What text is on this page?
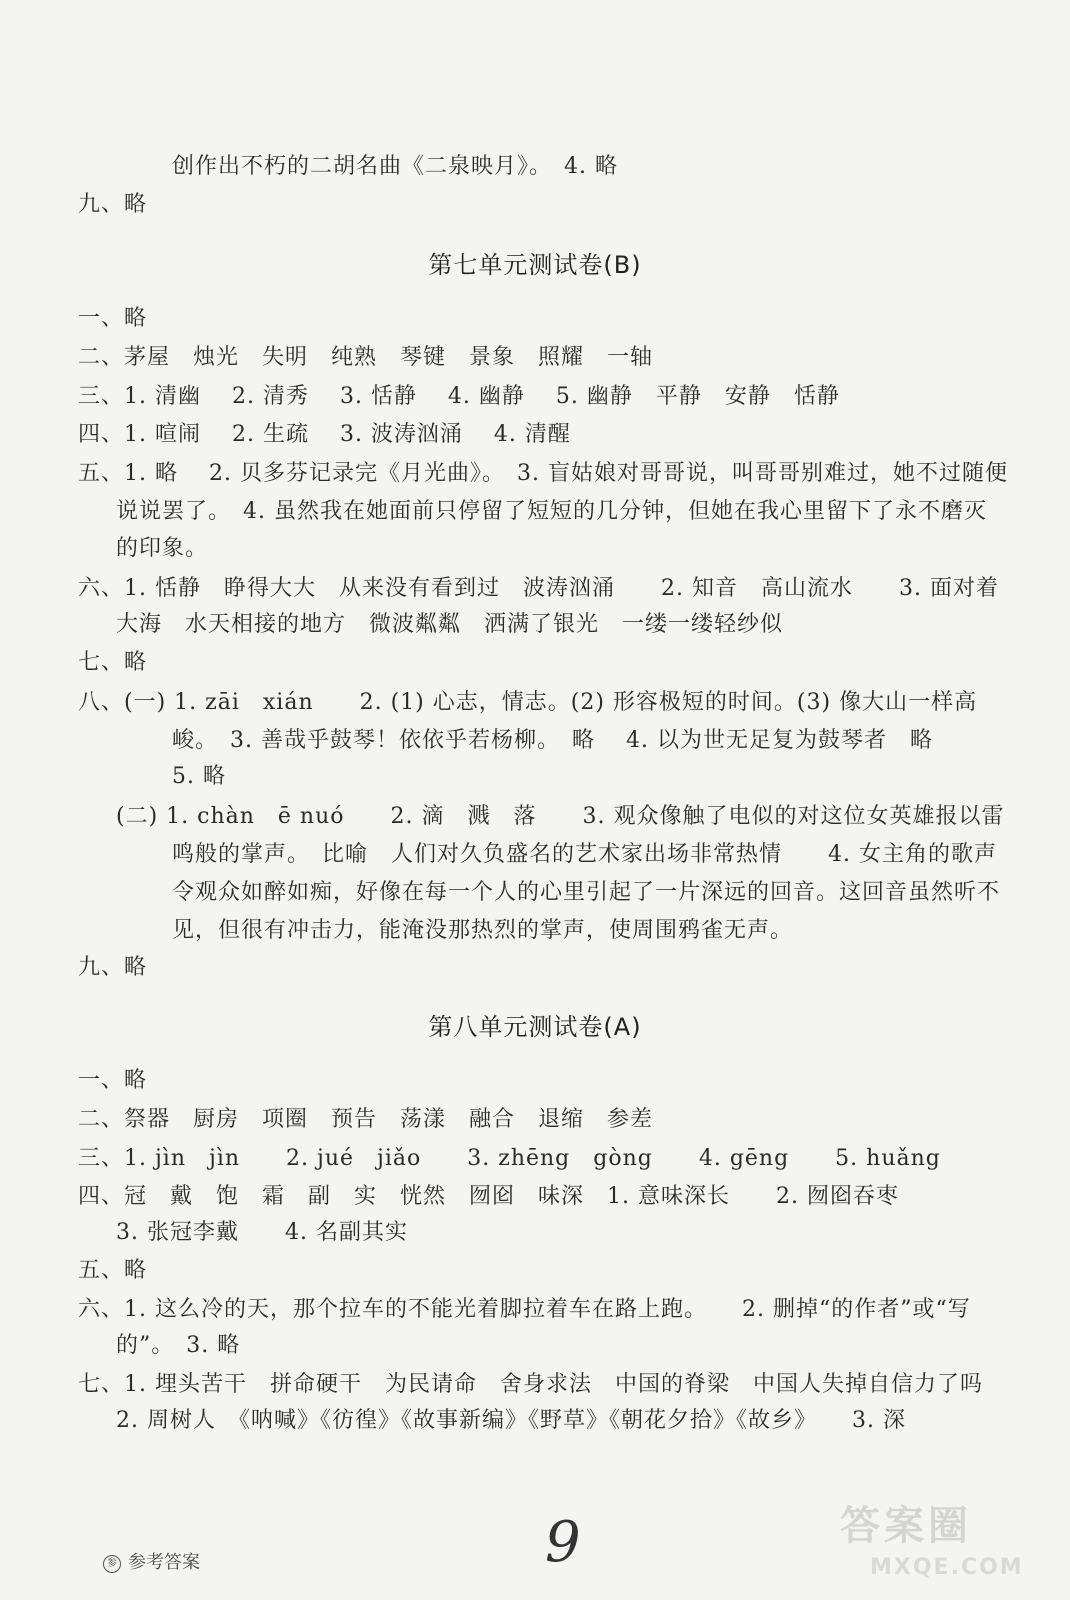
创作出不朽的二胡名曲《二泉映月》。　4. 略
九、略
第七单元测试卷(B)
一、略
二、茅屋　烛光　失明　纯熟　琴键　景象　照耀　一轴
三、1. 清幽　 2. 清秀　 3. 恬静　 4. 幽静　 5. 幽静　平静　安静　恬静
四、1. 喧闹　 2. 生疏　 3. 波涛汹涌　 4. 清醒
五、1. 略　 2. 贝多芬记录完《月光曲》。　3. 盲姑娘对哥哥说，叫哥哥别难过，她不过随便
说说罢了。　4. 虽然我在她面前只停留了短短的几分钟，但她在我心里留下了永不磨灭
的印象。
六、1. 恬静　睁得大大　从来没有看到过　波涛汹涌　　2. 知音　高山流水　　3. 面对着
大海　水天相接的地方　微波粼粼　洒满了银光　一缕一缕轻纱似
七、略
八、(一) 1. zāi　xián　　2. (1) 心志，情志。(2) 形容极短的时间。(3) 像大山一样高
峻。　3. 善哉乎鼓琴！依依乎若杨柳。　略　 4. 以为世无足复为鼓琴者　略
5. 略
(二) 1. chàn　ē nuó　　2. 滴　溅　落　　3. 观众像触了电似的对这位女英雄报以雷
鸣般的掌声。　比喻　人们对久负盛名的艺术家出场非常热情　　4. 女主角的歌声
令观众如醉如痴，好像在每一个人的心里引起了一片深远的回音。这回音虽然听不
见，但很有冲击力，能淹没那热烈的掌声，使周围鸦雀无声。
九、略
第八单元测试卷(A)
一、略
二、祭器　厨房　项圈　预告　荡漾　融合　退缩　参差
三、1. jìn　jìn　　2. jué　jiǎo　　3. zhēng　gòng　　4. gēng　　5. huǎng
四、冠　戴　饱　霜　副　实　恍然　囫囵　味深　1. 意味深长　　2. 囫囵吞枣
3. 张冠李戴　　4. 名副其实
五、略
六、1. 这么冷的天，那个拉车的不能光着脚拉着车在路上跑。　　2. 删掉“的作者”或“写
的”。　3. 略
七、1. 埋头苦干　拼命硬干　为民请命　舍身求法　中国的脊梁　中国人失掉自信力了吗
2. 周树人　《呐喊》《彷徨》《故事新编》《野草》《朝花夕拾》《故乡》　　3. 深
参 参考答案	9	答案圈
MXQE.COM
